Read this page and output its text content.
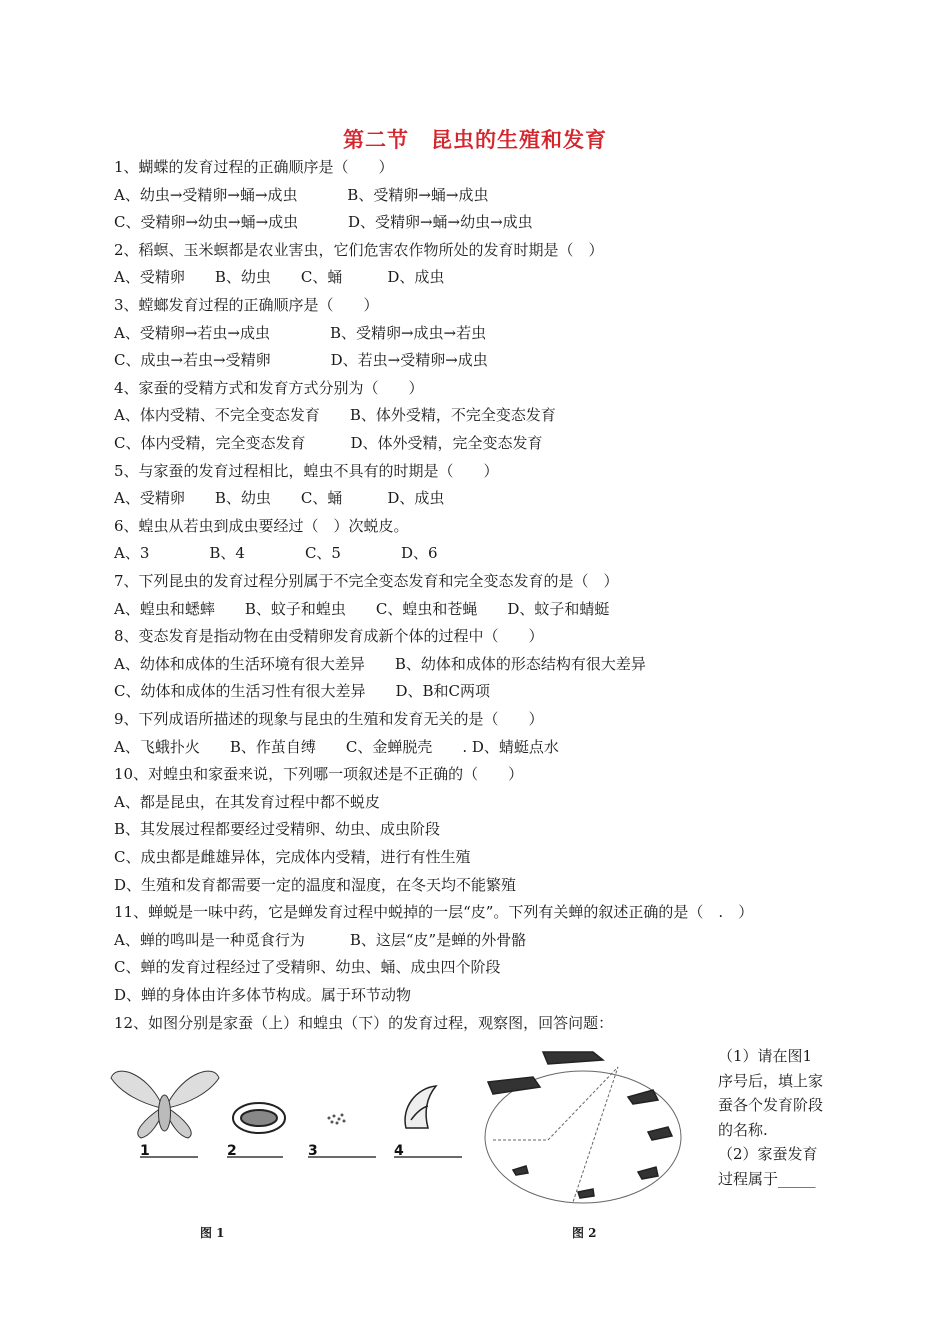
第二节　昆虫的生殖和发育
1、蝴蝶的发育过程的正确顺序是（　　）
A、幼虫→受精卵→蛹→成虫　　　 B、受精卵→蛹→成虫
C、受精卵→幼虫→蛹→成虫　　　 D、受精卵→蛹→幼虫→成虫
2、稻螟、玉米螟都是农业害虫，它们危害农作物所处的发育时期是（　）
A、受精卵　　B、幼虫　　C、蛹　　　D、成虫
3、螳螂发育过程的正确顺序是（　　）
A、受精卵→若虫→成虫　　　　B、受精卵→成虫→若虫
C、成虫→若虫→受精卵　　　　D、若虫→受精卵→成虫
4、家蚕的受精方式和发育方式分别为（　　）
A、体内受精、不完全变态发育　　B、体外受精，不完全变态发育
C、体内受精，完全变态发育　　　D、体外受精，完全变态发育
5、与家蚕的发育过程相比，蝗虫不具有的时期是（　　）
A、受精卵　　B、幼虫　　C、蛹　　　D、成虫
6、蝗虫从若虫到成虫要经过（　）次蜕皮。
A、3　　　　B、4　　　　C、5　　　　D、6
7、下列昆虫的发育过程分别属于不完全变态发育和完全变态发育的是（　）
A、蝗虫和蟋蟀　　B、蚊子和蝗虫　　C、蝗虫和苍蝇　　D、蚊子和蜻蜓
8、变态发育是指动物在由受精卵发育成新个体的过程中（　　）
A、幼体和成体的生活环境有很大差异　　B、幼体和成体的形态结构有很大差异
C、幼体和成体的生活习性有很大差异　　D、B和C两项
9、下列成语所描述的现象与昆虫的生殖和发育无关的是（　　）
A、飞蛾扑火　　B、作茧自缚　　C、金蝉脱壳　　. D、蜻蜓点水
10、对蝗虫和家蚕来说，下列哪一项叙述是不正确的（　　）
A、都是昆虫，在其发育过程中都不蜕皮
B、其发展过程都要经过受精卵、幼虫、成虫阶段
C、成虫都是雌雄异体，完成体内受精，进行有性生殖
D、生殖和发育都需要一定的温度和湿度，在冬天均不能繁殖
11、蝉蜕是一味中药，它是蝉发育过程中蜕掉的一层“皮”。下列有关蝉的叙述正确的是（　.　）
A、蝉的鸣叫是一种觅食行为　　　B、这层“皮”是蝉的外骨骼
C、蝉的发育过程经过了受精卵、幼虫、蛹、成虫四个阶段
D、蝉的身体由许多体节构成。属于环节动物
12、如图分别是家蚕（上）和蝗虫（下）的发育过程，观察图，回答问题：
1	2	3	4
图 1	图 2
（1）请在图1
序号后，填上家
蚕各个发育阶段
的名称.
（2）家蚕发育
过程属于_____
